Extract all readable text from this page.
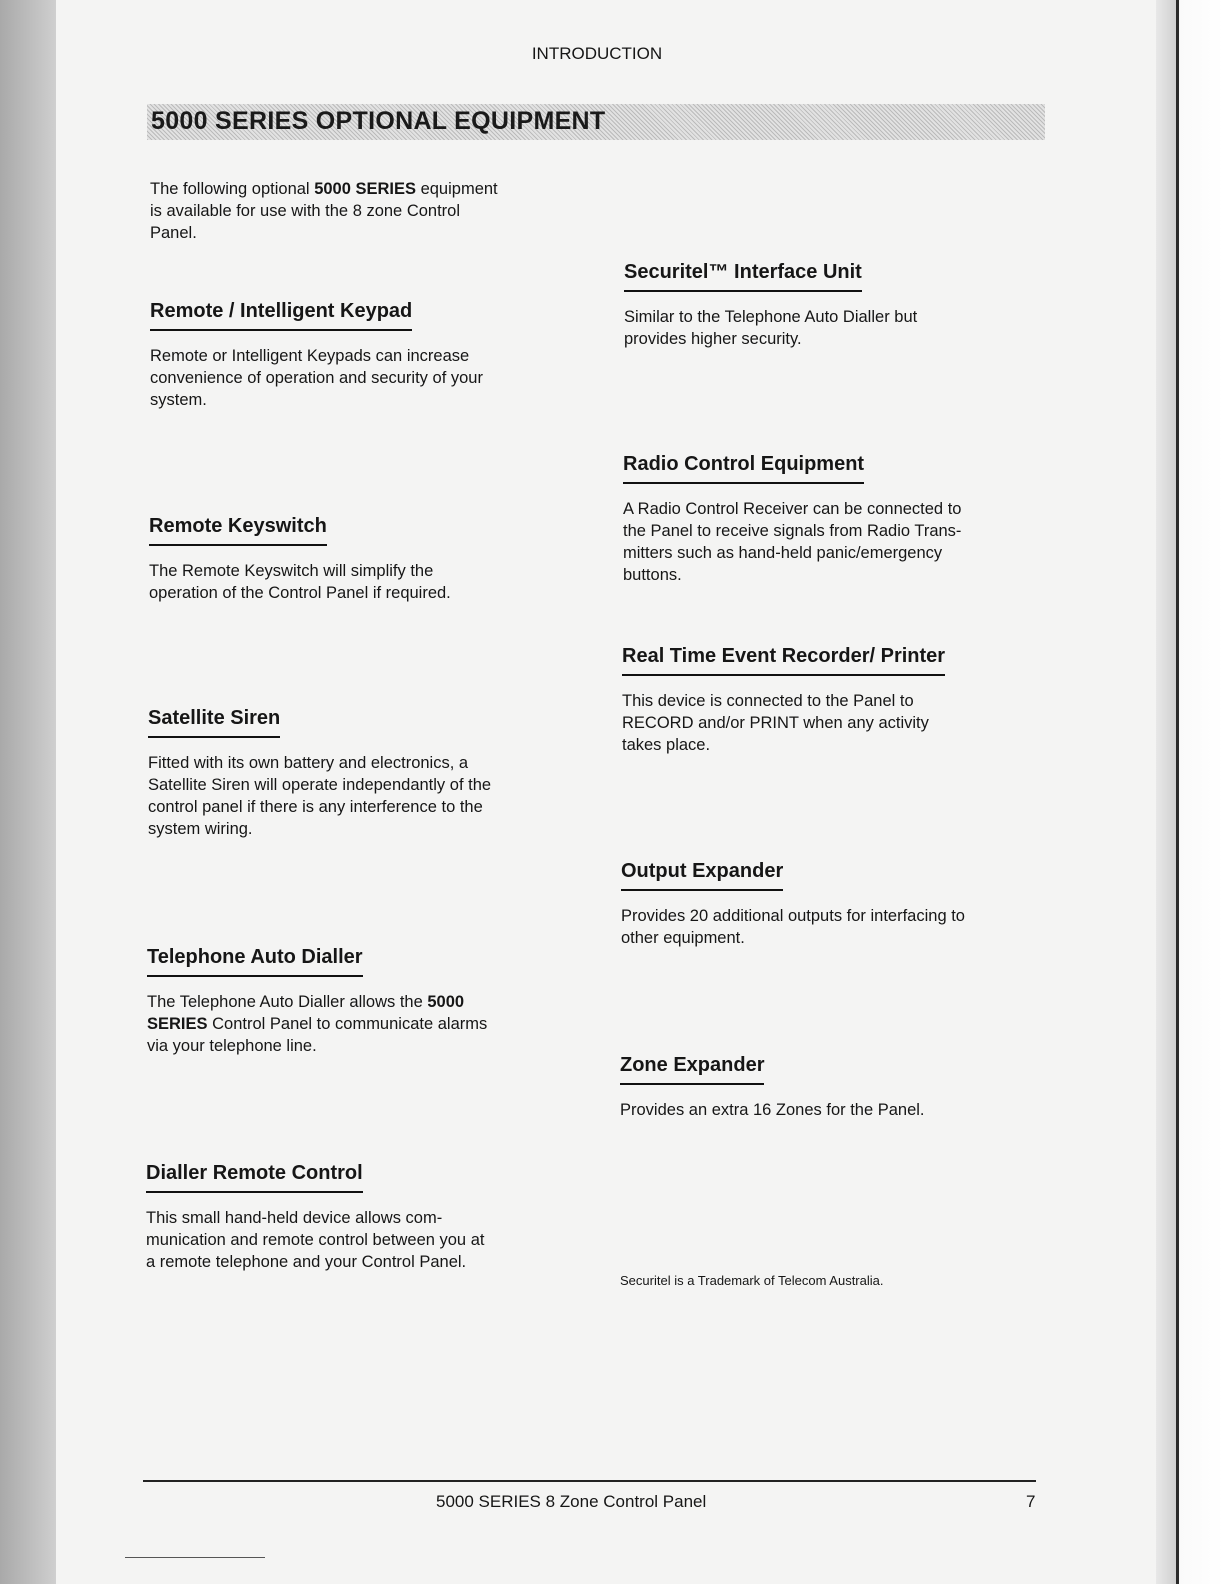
INTRODUCTION
5000 SERIES OPTIONAL EQUIPMENT
The following optional 5000 SERIES equipment
is available for use with the 8 zone Control
Panel.
Remote / Intelligent Keypad
Remote or Intelligent Keypads can increase
convenience of operation and security of your
system.
Remote Keyswitch
The Remote Keyswitch will simplify the
operation of the Control Panel if required.
Satellite Siren
Fitted with its own battery and electronics, a
Satellite Siren will operate independantly of the
control panel if there is any interference to the
system wiring.
Telephone Auto Dialler
The Telephone Auto Dialler allows the 5000
SERIES Control Panel to communicate alarms
via your telephone line.
Dialler Remote Control
This small hand-held device allows com-
munication and remote control between you at
a remote telephone and your Control Panel.
Securitel™ Interface Unit
Similar to the Telephone Auto Dialler but
provides higher security.
Radio Control Equipment
A Radio Control Receiver can be connected to
the Panel to receive signals from Radio Trans-
mitters such as hand-held panic/emergency
buttons.
Real Time Event Recorder/ Printer
This device is connected to the Panel to
RECORD and/or PRINT when any activity
takes place.
Output Expander
Provides 20 additional outputs for interfacing to
other equipment.
Zone Expander
Provides an extra 16 Zones for the Panel.
Securitel is a Trademark of Telecom Australia.
5000 SERIES 8 Zone Control Panel	7
